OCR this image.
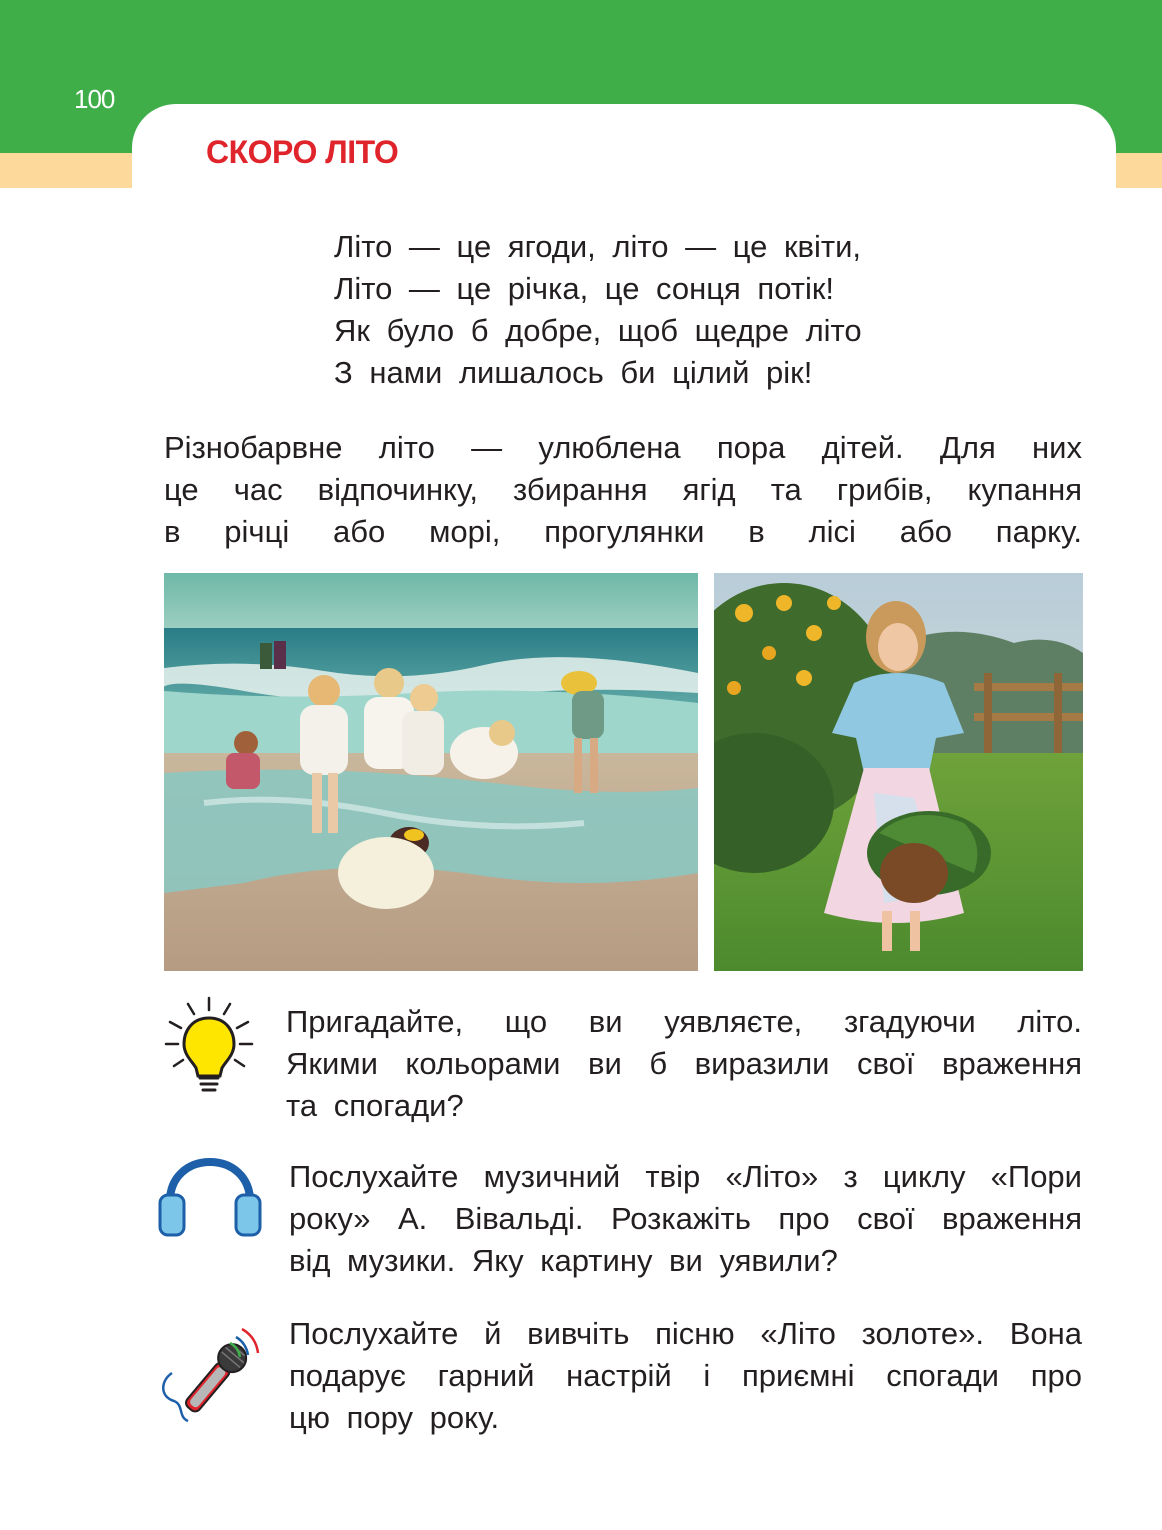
100
СКОРО ЛІТО
Літо — це ягоди, літо — це квіти,
Літо — це річка, це сонця потік!
Як було б добре, щоб щедре літо
З нами лишалось би цілий рік!
Різнобарвне літо — улюблена пора дітей. Для них
це час відпочинку, збирання ягід та грибів, купання
в річці або морі, прогулянки в лісі або парку.
Пригадайте, що ви уявляєте, згадуючи літо.
Якими кольорами ви б виразили свої враження
та спогади?
Послухайте музичний твір «Літо» з циклу «Пори
року» А. Вівальді. Розкажіть про свої враження
від музики. Яку картину ви уявили?
Послухайте й вивчіть пісню «Літо золоте». Вона
подарує гарний настрій і приємні спогади про
цю пору року.
